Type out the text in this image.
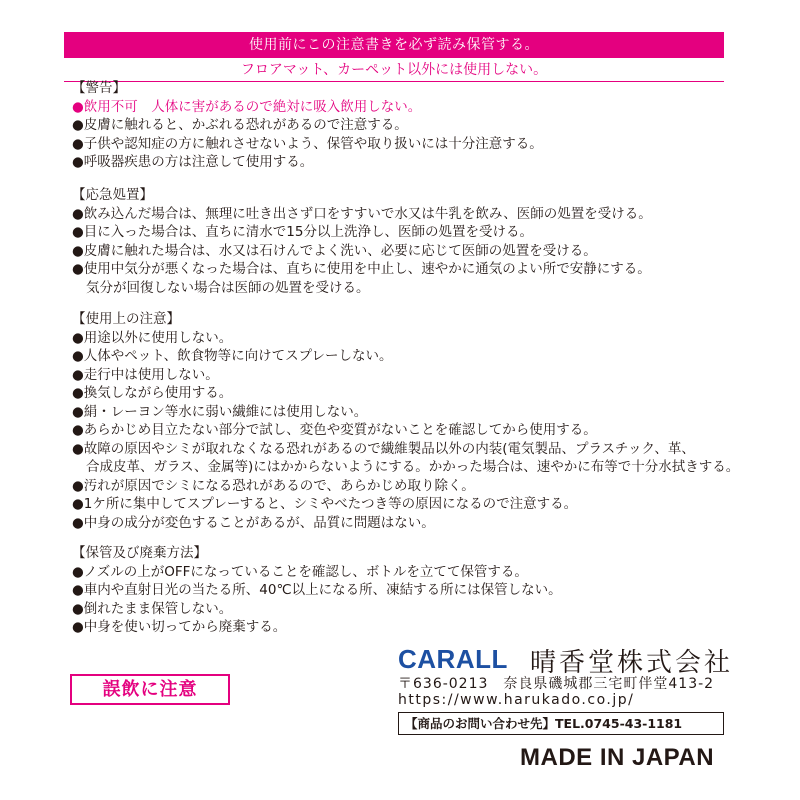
使用前にこの注意書きを必ず読み保管する。
フロアマット、カーペット以外には使用しない。
【警告】
●飲用不可　人体に害があるので絶対に吸入飲用しない。
●皮膚に触れると、かぶれる恐れがあるので注意する。
●子供や認知症の方に触れさせないよう、保管や取り扱いには十分注意する。
●呼吸器疾患の方は注意して使用する。
【応急処置】
●飲み込んだ場合は、無理に吐き出さず口をすすいで水又は牛乳を飲み、医師の処置を受ける。
●目に入った場合は、直ちに清水で15分以上洗浄し、医師の処置を受ける。
●皮膚に触れた場合は、水又は石けんでよく洗い、必要に応じて医師の処置を受ける。
●使用中気分が悪くなった場合は、直ちに使用を中止し、速やかに通気のよい所で安静にする。
気分が回復しない場合は医師の処置を受ける。
【使用上の注意】
●用途以外に使用しない。
●人体やペット、飲食物等に向けてスプレーしない。
●走行中は使用しない。
●換気しながら使用する。
●絹・レーヨン等水に弱い繊維には使用しない。
●あらかじめ目立たない部分で試し、変色や変質がないことを確認してから使用する。
●故障の原因やシミが取れなくなる恐れがあるので繊維製品以外の内装(電気製品、プラスチック、革、
合成皮革、ガラス、金属等)にはかからないようにする。かかった場合は、速やかに布等で十分水拭きする。
●汚れが原因でシミになる恐れがあるので、あらかじめ取り除く。
●1ケ所に集中してスプレーすると、シミやべたつき等の原因になるので注意する。
●中身の成分が変色することがあるが、品質に問題はない。
【保管及び廃棄方法】
●ノズルの上がOFFになっていることを確認し、ボトルを立てて保管する。
●車内や直射日光の当たる所、40℃以上になる所、凍結する所には保管しない。
●倒れたまま保管しない。
●中身を使い切ってから廃棄する。
誤飲に注意
CARALL 晴香堂株式会社
〒636-0213　奈良県磯城郡三宅町伴堂413-2
https://www.harukado.co.jp/
【商品のお問い合わせ先】TEL.0745-43-1181
MADE IN JAPAN
